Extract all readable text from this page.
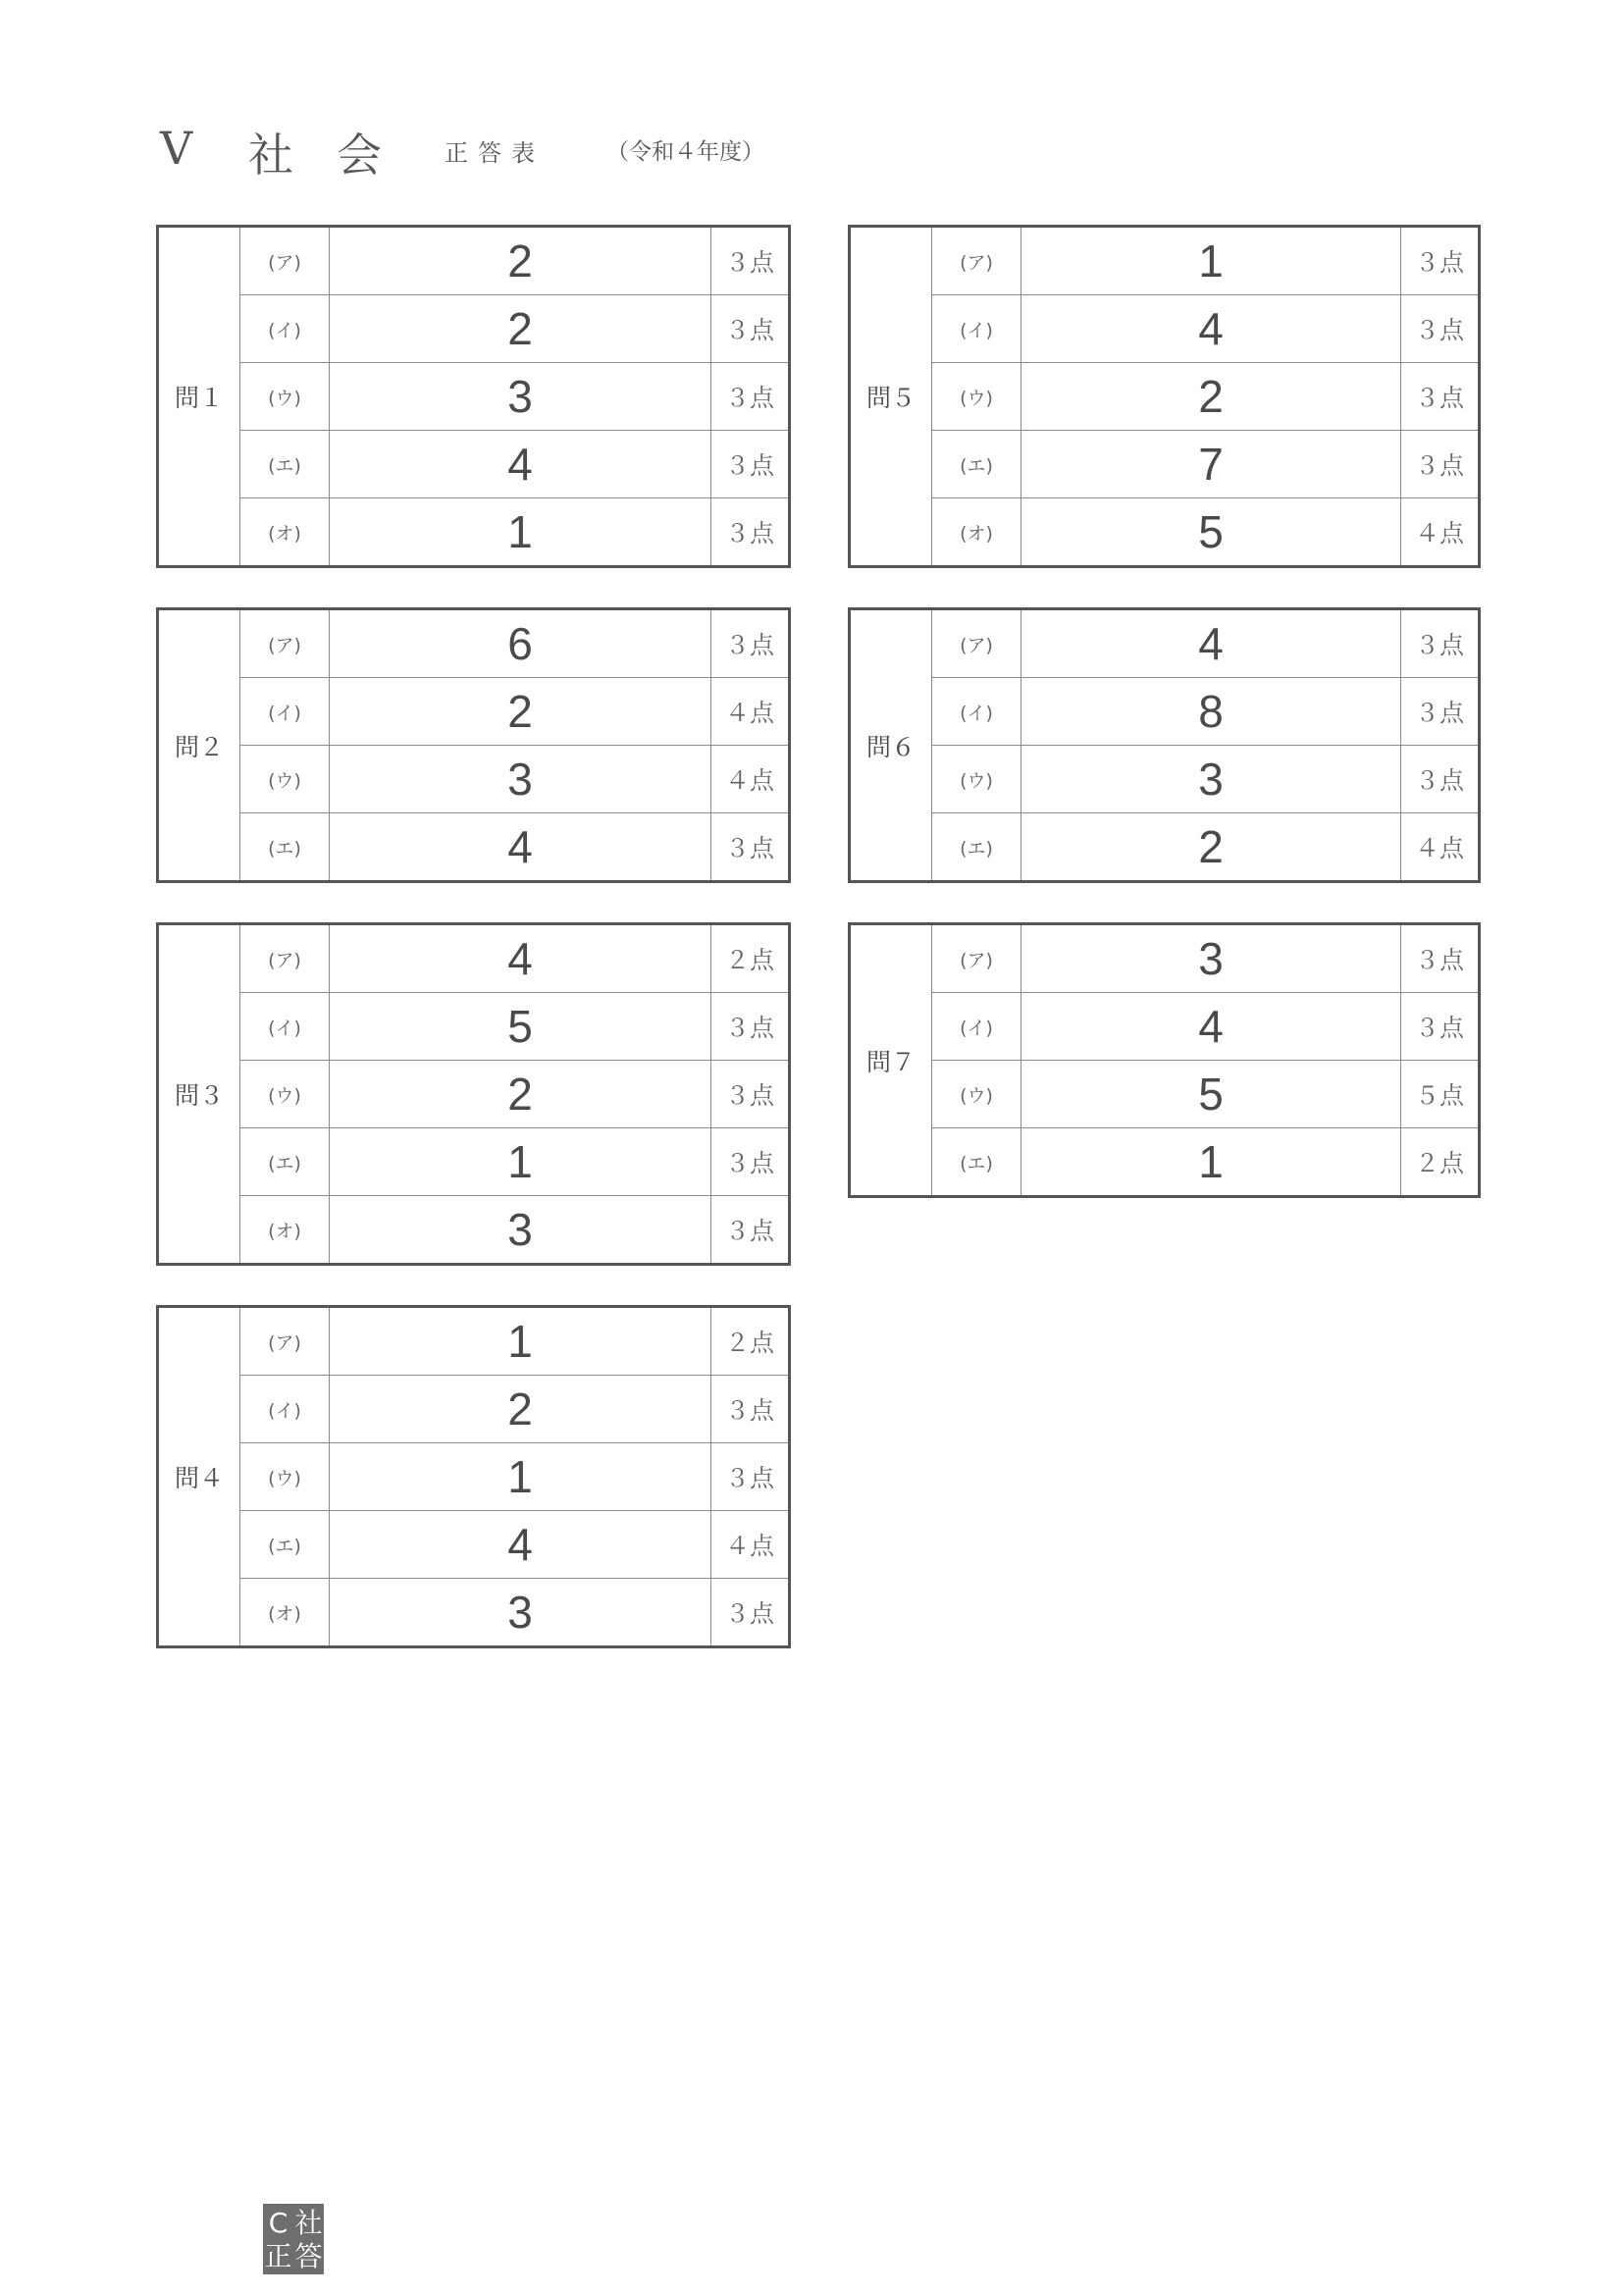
V 社会 正答表	（令和４年度）
問１	(ア)	2	３点
	(イ)	2	３点
	(ウ)	3	３点
	(エ)	4	３点
	(オ)	1	３点
問２	(ア)	6	３点
	(イ)	2	４点
	(ウ)	3	４点
	(エ)	4	３点
問３	(ア)	4	２点
	(イ)	5	３点
	(ウ)	2	３点
	(エ)	1	３点
	(オ)	3	３点
問４	(ア)	1	２点
	(イ)	2	３点
	(ウ)	1	３点
	(エ)	4	４点
	(オ)	3	３点
問５	(ア)	1	３点
	(イ)	4	３点
	(ウ)	2	３点
	(エ)	7	３点
	(オ)	5	４点
問６	(ア)	4	３点
	(イ)	8	３点
	(ウ)	3	３点
	(エ)	2	４点
問７	(ア)	3	３点
	(イ)	4	３点
	(ウ)	5	５点
	(エ)	1	２点
C 社
正 答
